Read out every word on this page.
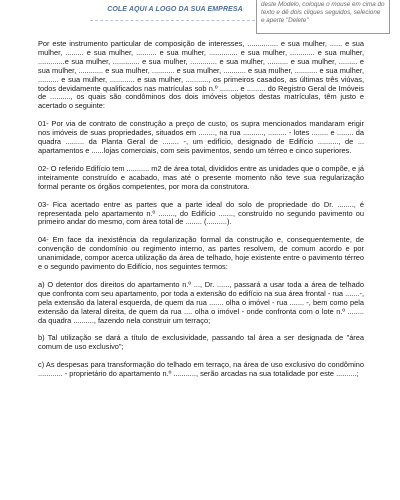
COLE AQUI A LOGO DA SUA EMPRESA
deste Modelo, coloque o mouse em cima do texto e dê dois cliques seguidos, selecione e aperte "Delete"

Por este instrumento particular de composição de interesses, ............... e sua mulher, ...... e sua mulher, ......... e sua mulher, .......... e sua mulher, .............. e sua mulher, ............ e sua mulher, .............e sua mulher, ............. e sua mulher, ............. e sua mulher, .......... e sua mulher, ......... e sua mulher, ............ e sua mulher, ........... e sua mulher, ........... e sua mulher, ........... e sua mulher, .......... e sua mulher, ............ e sua mulher, ..........., os primeiros casados, as últimas três viúvas, todos devidamente qualificados nas matrículas sob n.º ......... e ......... do Registro Geral de Imóveis de .........., os quais são condôminos dos dois imóveis objetos destas matrículas, têm justo e acertado o seguinte:

01- Por via de contrato de construção a preço de custo, os supra mencionados mandaram erigir nos imóveis de suas propriedades, situados em ........, na rua .........., ......... - lotes ........ e ........ da quadra ......... da Planta Geral de ........ -, um edifício, designado de Edifício .........., de ... apartamentos e ......lojas comerciais, com seis pavimentos, sendo um térreo e cinco superiores.

02- O referido Edifício tem ........... m2 de área total, divididos entre as unidades que o compõe, e já inteiramente construído e acabado, mas até o presente momento não teve sua regularização formal perante os órgãos competentes, por mora da construtora.

03- Fica acertado entre as partes que a parte ideal do solo de propriedade do Dr. ........, é representada pelo apartamento n.º ........, do Edifício ......., construído no segundo pavimento ou primeiro andar do mesmo, com área total de ........ (..........).

04- Em face da inexistência da regularização formal da construção e, consequentemente, de convenção de condomínio ou regimento interno, as partes resolvem, de comum acordo e por unanimidade, compor acerca utilização da área de telhado, hoje existente entre o pavimento térreo e o segundo pavimento do Edifício, nos seguintes termos:

a) O detentor dos direitos do apartamento n.º ..., Dr. ......, passará a usar toda a área de telhado que confronta com seu apartamento, por toda a extensão do edifício na sua área frontal - rua .......-, pela extensão da lateral esquerda, de quem da rua ....... olha o imóvel - rua ....... -, bem como pela extensão da lateral direita, de quem da rua .... olha o imóvel - onde confronta com o lote n.º ........ da quadra .........., fazendo nela construir um terraço;

b) Tal utilização se dará a título de exclusividade, passando tal área a ser designada de "área comum de uso exclusivo";

c) As despesas para transformação do telhado em terraço, na área de uso exclusivo do condômino ............ - proprietário do apartamento n.º ..........., serão arcadas na sua totalidade por este ..........;
